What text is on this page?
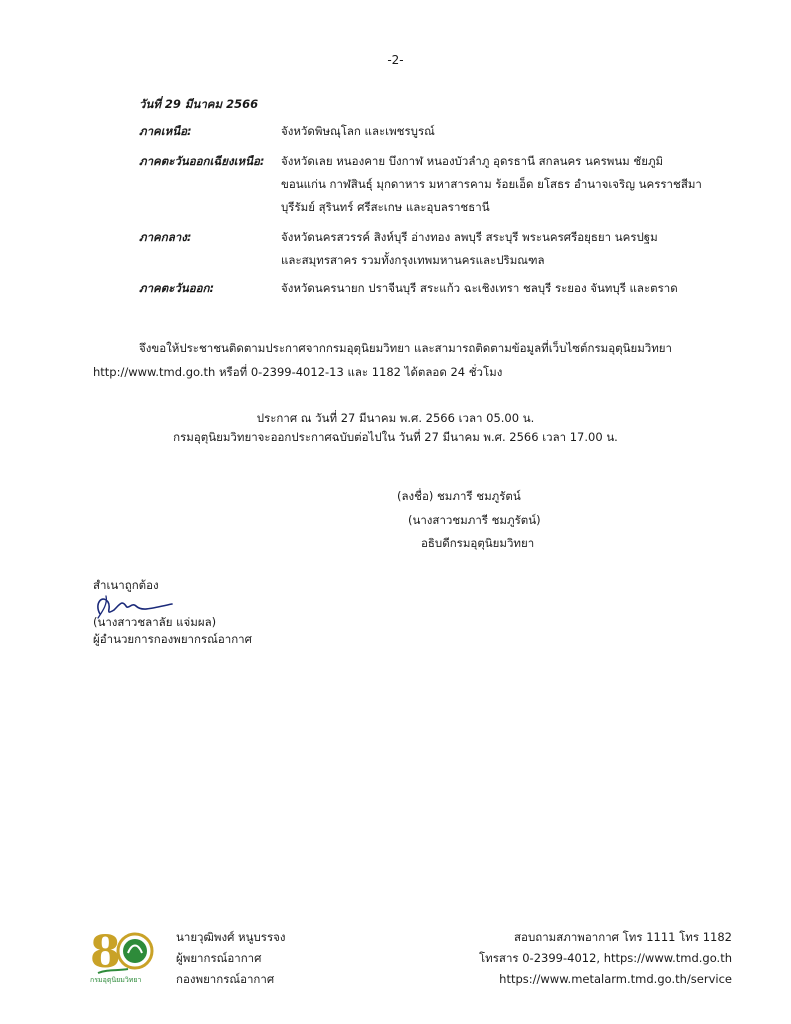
-2-
วันที่ 29 มีนาคม 2566
ภาคเหนือ:	จังหวัดพิษณุโลก และเพชรบูรณ์
ภาคตะวันออกเฉียงเหนือ: จังหวัดเลย หนองคาย บึงกาฬ หนองบัวลำภู อุดรธานี สกลนคร นครพนม ชัยภูมิ
ขอนแก่น กาฬสินธุ์ มุกดาหาร มหาสารคาม ร้อยเอ็ด ยโสธร อำนาจเจริญ นครราชสีมา
บุรีรัมย์ สุรินทร์ ศรีสะเกษ และอุบลราชธานี
ภาคกลาง:	จังหวัดนครสวรรค์ สิงห์บุรี อ่างทอง ลพบุรี สระบุรี พระนครศรีอยุธยา นครปฐม
และสมุทรสาคร รวมทั้งกรุงเทพมหานครและปริมณฑล
ภาคตะวันออก:	จังหวัดนครนายก ปราจีนบุรี สระแก้ว ฉะเชิงเทรา ชลบุรี ระยอง จันทบุรี และตราด
จึงขอให้ประชาชนติดตามประกาศจากกรมอุตุนิยมวิทยา และสามารถติดตามข้อมูลที่เว็บไซต์กรมอุตุนิยมวิทยา
http://www.tmd.go.th หรือที่ 0-2399-4012-13 และ 1182 ได้ตลอด 24 ชั่วโมง
ประกาศ ณ วันที่ 27 มีนาคม พ.ศ. 2566 เวลา 05.00 น.
กรมอุตุนิยมวิทยาจะออกประกาศฉบับต่อไปใน วันที่ 27 มีนาคม พ.ศ. 2566 เวลา 17.00 น.
(ลงชื่อ) ชมภารี ชมภูรัตน์
(นางสาวชมภารี ชมภูรัตน์)
อธิบดีกรมอุตุนิยมวิทยา
สำเนาถูกต้อง
(นางสาวชลาลัย แจ่มผล)
ผู้อำนวยการกองพยากรณ์อากาศ
8
กรมอุตุนิยมวิทยา
นายวุฒิพงศ์ หนูบรรจง
ผู้พยากรณ์อากาศ
กองพยากรณ์อากาศ
สอบถามสภาพอากาศ โทร 1111 โทร 1182
โทรสาร 0-2399-4012, https://www.tmd.go.th
https://www.metalarm.tmd.go.th/service
